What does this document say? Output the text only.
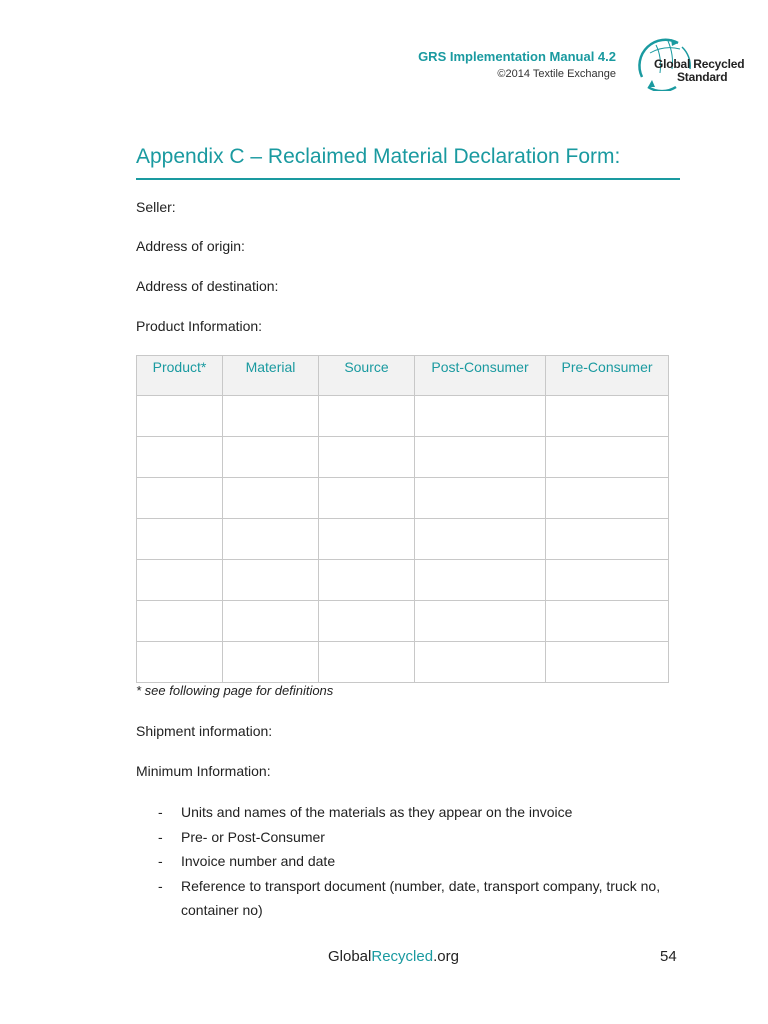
GRS Implementation Manual 4.2
©2014 Textile Exchange
Global Recycled
Standard
Appendix C – Reclaimed Material Declaration Form:
Seller:
Address of origin:
Address of destination:
Product Information:
Product*	Material	Source	Post-Consumer	Pre-Consumer

* see following page for definitions
Shipment information:
Minimum Information:
- Units and names of the materials as they appear on the invoice
- Pre- or Post-Consumer
- Invoice number and date
- Reference to transport document (number, date, transport company, truck no, container no)
GlobalRecycled.org	54
